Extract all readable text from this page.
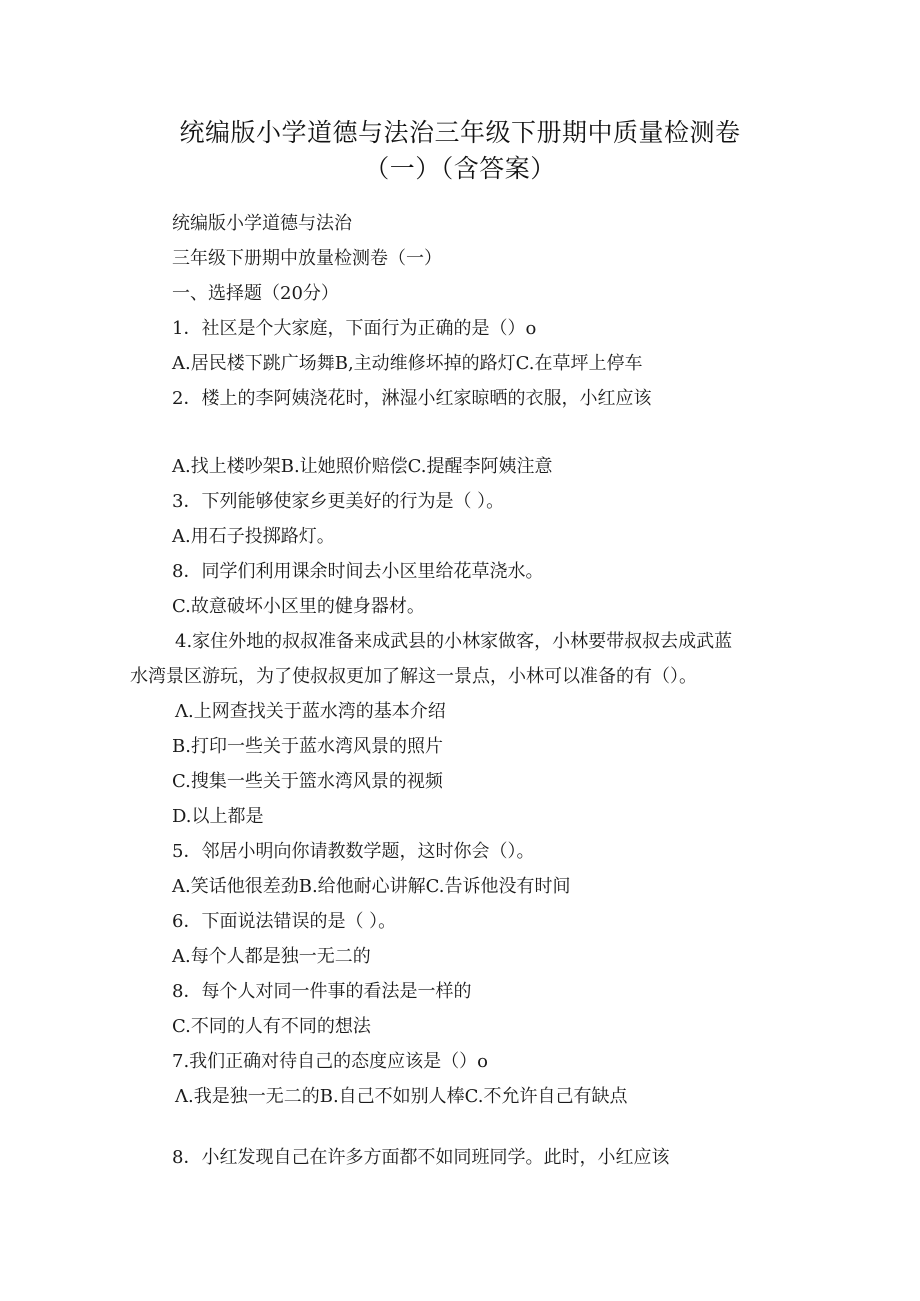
统编版小学道德与法治三年级下册期中质量检测卷
（一）（含答案）
统编版小学道德与法治
三年级下册期中放量检测卷（一）
一、选择题（20分）
1．社区是个大家庭，下面行为正确的是（）o
A.居民楼下跳广场舞B,主动维修坏掉的路灯C.在草坪上停车
2．楼上的李阿姨浇花时，淋湿小红家晾晒的衣服，小红应该
A.找上楼吵架B.让她照价赔偿C.提醒李阿姨注意
3．下列能够使家乡更美好的行为是（ ）。
A.用石子投掷路灯。
8．同学们利用课余时间去小区里给花草浇水。
C.故意破坏小区里的健身器材。
4.家住外地的叔叔准备来成武县的小林家做客，小林要带叔叔去成武蓝
水湾景区游玩，为了使叔叔更加了解这一景点，小林可以准备的有（）。
Λ.上网查找关于蓝水湾的基本介绍
B.打印一些关于蓝水湾风景的照片
C.搜集一些关于篮水湾风景的视频
D.以上都是
5．邻居小明向你请教数学题，这时你会（）。
A.笑话他很差劲B.给他耐心讲解C.告诉他没有时间
6．下面说法错误的是（ ）。
A.每个人都是独一无二的
8．每个人对同一件事的看法是一样的
C.不同的人有不同的想法
7.我们正确对待自己的态度应该是（）o
Λ.我是独一无二的B.自己不如别人棒C.不允许自己有缺点
8．小红发现自己在许多方面都不如同班同学。此时，小红应该
